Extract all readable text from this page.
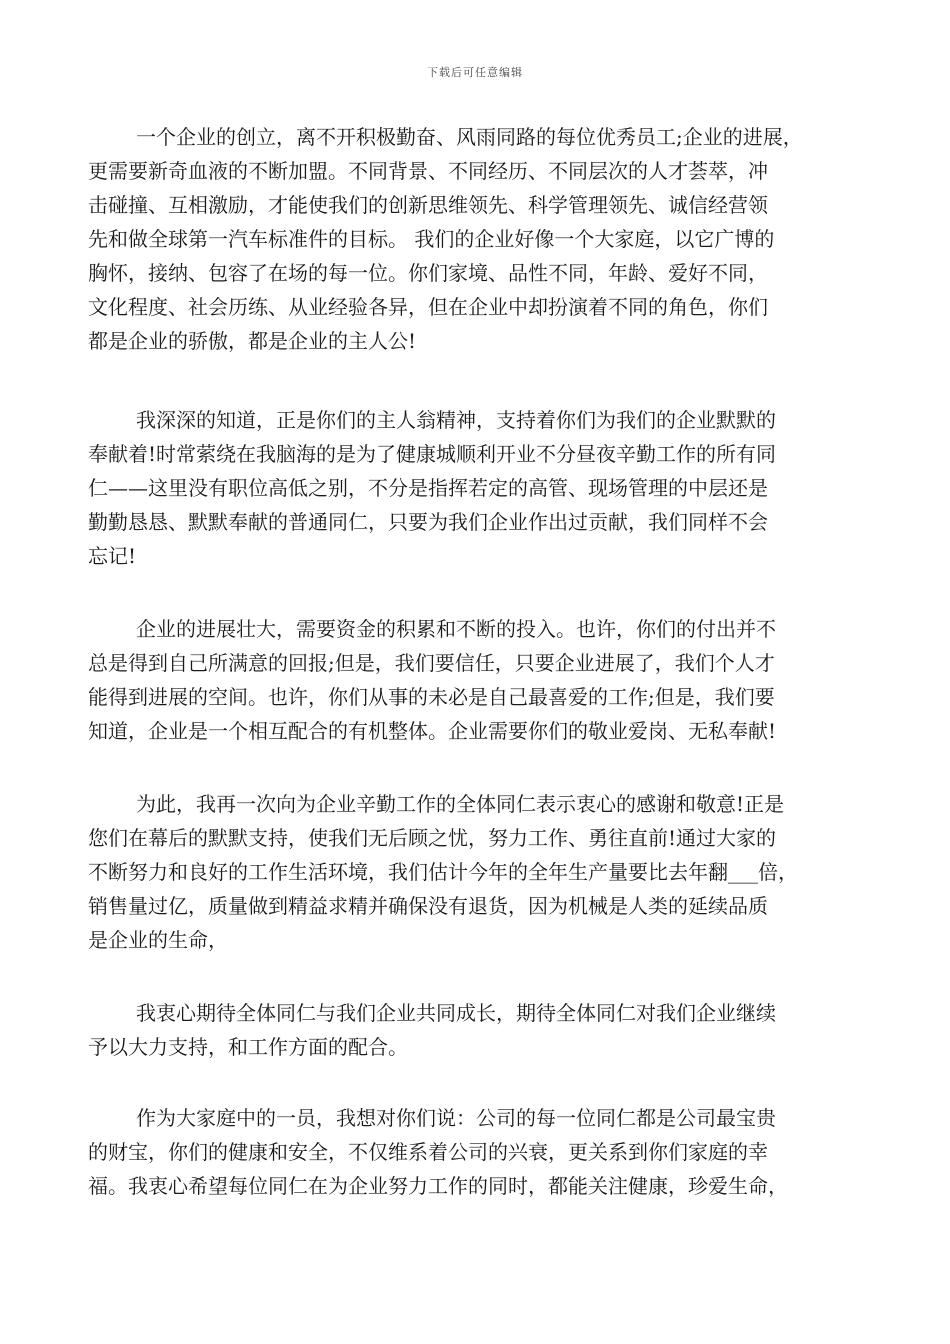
下载后可任意编辑
一个企业的创立，离不开积极勤奋、风雨同路的每位优秀员工;企业的进展，
更需要新奇血液的不断加盟。不同背景、不同经历、不同层次的人才荟萃，冲
击碰撞、互相激励，才能使我们的创新思维领先、科学管理领先、诚信经营领
先和做全球第一汽车标准件的目标。 我们的企业好像一个大家庭，以它广博的
胸怀，接纳、包容了在场的每一位。你们家境、品性不同，年龄、爱好不同，
文化程度、社会历练、从业经验各异，但在企业中却扮演着不同的角色，你们
都是企业的骄傲，都是企业的主人公!
我深深的知道，正是你们的主人翁精神，支持着你们为我们的企业默默的
奉献着!时常萦绕在我脑海的是为了健康城顺利开业不分昼夜辛勤工作的所有同
仁——这里没有职位高低之别，不分是指挥若定的高管、现场管理的中层还是
勤勤恳恳、默默奉献的普通同仁，只要为我们企业作出过贡献，我们同样不会
忘记!
企业的进展壮大，需要资金的积累和不断的投入。也许，你们的付出并不
总是得到自己所满意的回报;但是，我们要信任，只要企业进展了，我们个人才
能得到进展的空间。也许，你们从事的未必是自己最喜爱的工作;但是，我们要
知道，企业是一个相互配合的有机整体。企业需要你们的敬业爱岗、无私奉献!
为此，我再一次向为企业辛勤工作的全体同仁表示衷心的感谢和敬意!正是
您们在幕后的默默支持，使我们无后顾之忧，努力工作、勇往直前!通过大家的
不断努力和良好的工作生活环境，我们估计今年的全年生产量要比去年翻___倍，
销售量过亿，质量做到精益求精并确保没有退货，因为机械是人类的延续品质
是企业的生命，
我衷心期待全体同仁与我们企业共同成长，期待全体同仁对我们企业继续
予以大力支持，和工作方面的配合。
作为大家庭中的一员，我想对你们说：公司的每一位同仁都是公司最宝贵
的财宝，你们的健康和安全，不仅维系着公司的兴衰，更关系到你们家庭的幸
福。我衷心希望每位同仁在为企业努力工作的同时，都能关注健康，珍爱生命，
